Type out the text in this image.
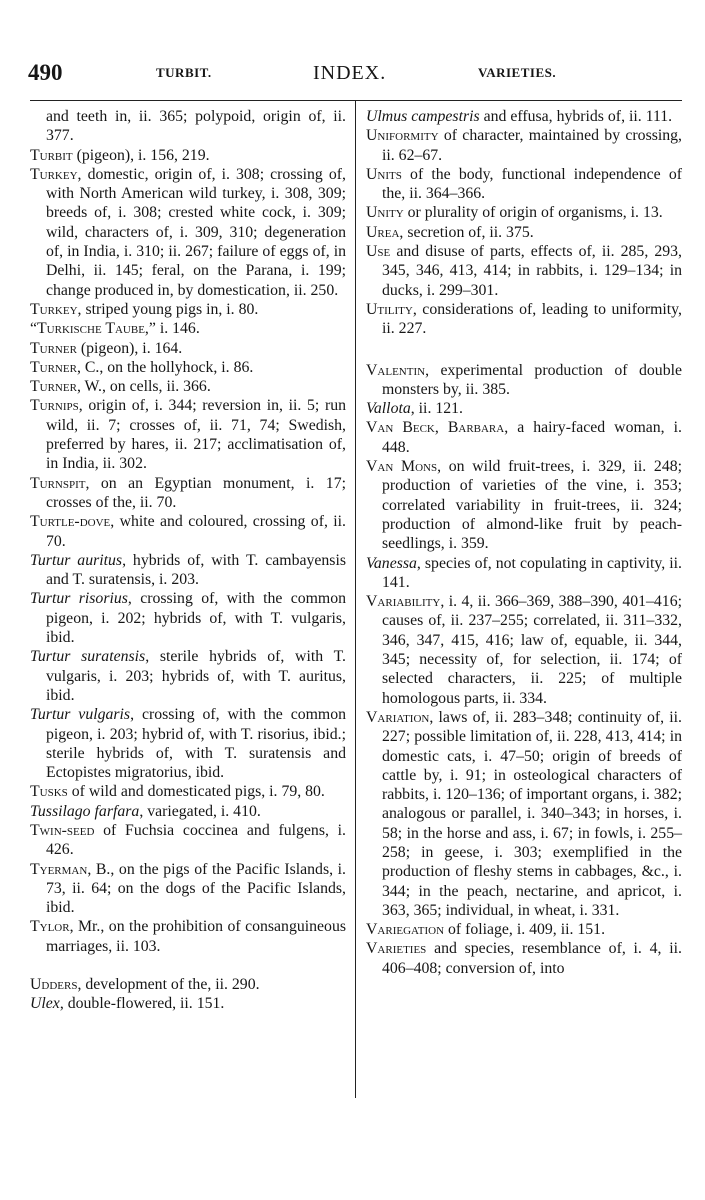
490	TURBIT.	INDEX.	VARIETIES.
and teeth in, ii. 365; polypoid, origin of, ii. 377.
Turbit (pigeon), i. 156, 219.
Turkey, domestic, origin of, i. 308; crossing of, with North American wild turkey, i. 308, 309; breeds of, i. 308; crested white cock, i. 309; wild, characters of, i. 309, 310; degeneration of, in India, i. 310; ii. 267; failure of eggs of, in Delhi, ii. 145; feral, on the Parana, i. 199; change produced in, by domestication, ii. 250.
Turkey, striped young pigs in, i. 80.
“Turkische Taube,” i. 146.
Turner (pigeon), i. 164.
Turner, C., on the hollyhock, i. 86.
Turner, W., on cells, ii. 366.
Turnips, origin of, i. 344; reversion in, ii. 5; run wild, ii. 7; crosses of, ii. 71, 74; Swedish, preferred by hares, ii. 217; acclimatisation of, in India, ii. 302.
Turnspit, on an Egyptian monument, i. 17; crosses of the, ii. 70.
Turtle-dove, white and coloured, crossing of, ii. 70.
Turtur auritus, hybrids of, with T. cambayensis and T. suratensis, i. 203.
Turtur risorius, crossing of, with the common pigeon, i. 202; hybrids of, with T. vulgaris, ibid.
Turtur suratensis, sterile hybrids of, with T. vulgaris, i. 203; hybrids of, with T. auritus, ibid.
Turtur vulgaris, crossing of, with the common pigeon, i. 203; hybrid of, with T. risorius, ibid.; sterile hybrids of, with T. suratensis and Ectopistes migratorius, ibid.
Tusks of wild and domesticated pigs, i. 79, 80.
Tussilago farfara, variegated, i. 410.
Twin-seed of Fuchsia coccinea and fulgens, i. 426.
Tyerman, B., on the pigs of the Pacific Islands, i. 73, ii. 64; on the dogs of the Pacific Islands, ibid.
Tylor, Mr., on the prohibition of consanguineous marriages, ii. 103.
Udders, development of the, ii. 290.
Ulex, double-flowered, ii. 151.
Ulmus campestris and effusa, hybrids of, ii. 111.
Uniformity of character, maintained by crossing, ii. 62–67.
Units of the body, functional independence of the, ii. 364–366.
Unity or plurality of origin of organisms, i. 13.
Urea, secretion of, ii. 375.
Use and disuse of parts, effects of, ii. 285, 293, 345, 346, 413, 414; in rabbits, i. 129–134; in ducks, i. 299–301.
Utility, considerations of, leading to uniformity, ii. 227.
Valentin, experimental production of double monsters by, ii. 385.
Vallota, ii. 121.
Van Beck, Barbara, a hairy-faced woman, i. 448.
Van Mons, on wild fruit-trees, i. 329, ii. 248; production of varieties of the vine, i. 353; correlated variability in fruit-trees, ii. 324; production of almond-like fruit by peach-seedlings, i. 359.
Vanessa, species of, not copulating in captivity, ii. 141.
Variability, i. 4, ii. 366–369, 388–390, 401–416; causes of, ii. 237–255; correlated, ii. 311–332, 346, 347, 415, 416; law of, equable, ii. 344, 345; necessity of, for selection, ii. 174; of selected characters, ii. 225; of multiple homologous parts, ii. 334.
Variation, laws of, ii. 283–348; continuity of, ii. 227; possible limitation of, ii. 228, 413, 414; in domestic cats, i. 47–50; origin of breeds of cattle by, i. 91; in osteological characters of rabbits, i. 120–136; of important organs, i. 382; analogous or parallel, i. 340–343; in horses, i. 58; in the horse and ass, i. 67; in fowls, i. 255–258; in geese, i. 303; exemplified in the production of fleshy stems in cabbages, &c., i. 344; in the peach, nectarine, and apricot, i. 363, 365; individual, in wheat, i. 331.
Variegation of foliage, i. 409, ii. 151.
Varieties and species, resemblance of, i. 4, ii. 406–408; conversion of, into
